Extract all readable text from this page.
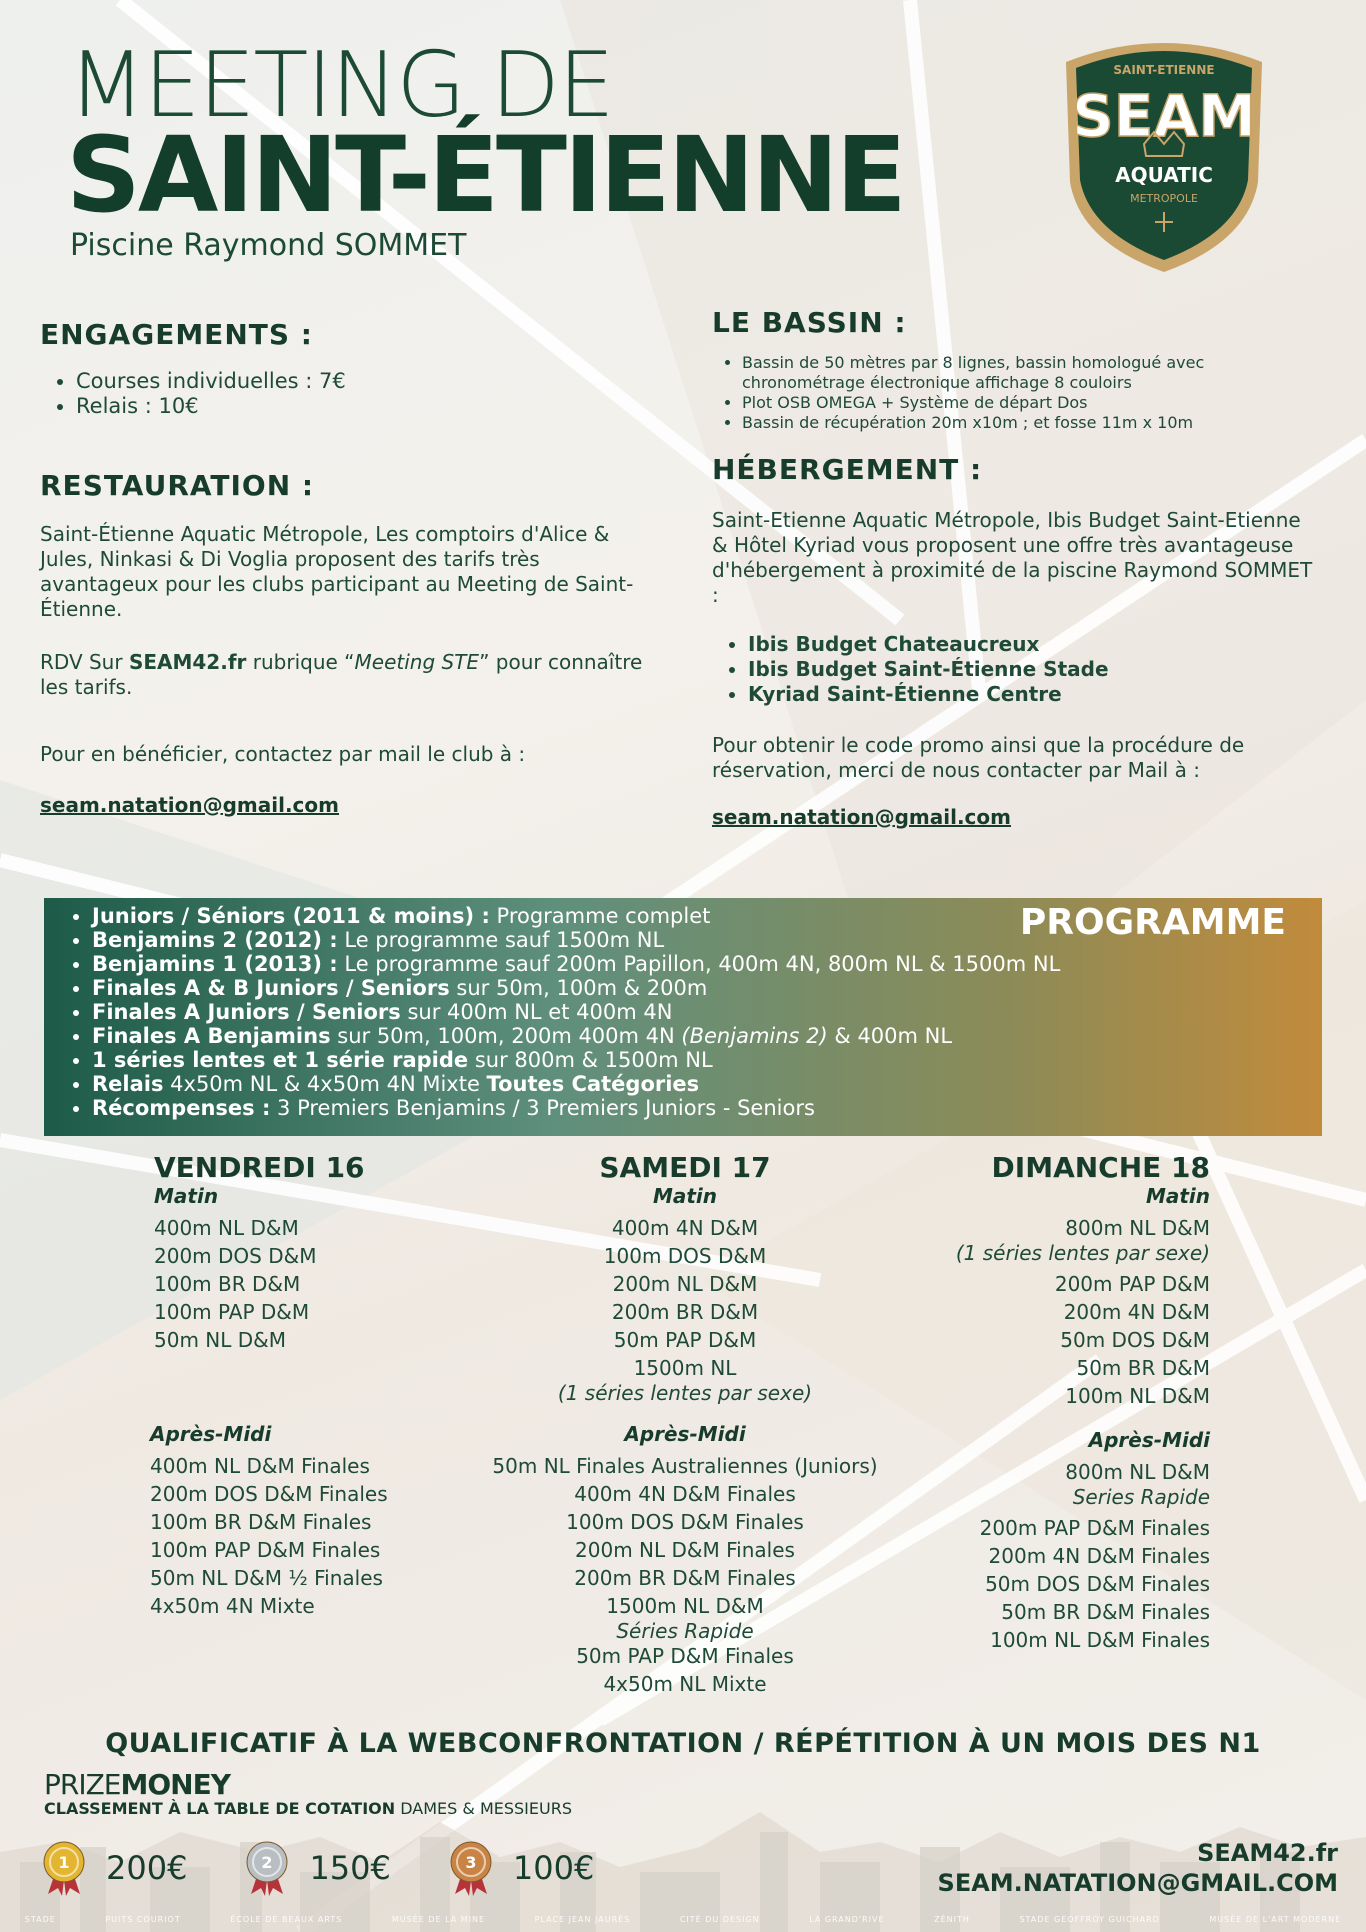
STADE	PUITS COURIOT	ÉCOLE DE BEAUX ARTS	MUSÉE DE LA MINE	PLACE JEAN JAURÈS	CITÉ DU DESIGN	LA GRAND'RIVE	ZÉNITH	STADE GEOFFROY GUICHARD	MUSÉE DE L'ART MODERNE
MEETING DE
SAINT-ÉTIENNE
Piscine Raymond SOMMET
SAINT-ETIENNE
SEAM
AQUATIC
METROPOLE
ENGAGEMENTS :
• Courses individuelles : 7€
• Relais : 10€
RESTAURATION :

Saint-Étienne Aquatic Métropole, Les comptoirs d'Alice & Jules, Ninkasi & Di Voglia proposent des tarifs très avantageux pour les clubs participant au Meeting de Saint-Étienne.

RDV Sur SEAM42.fr rubrique “Meeting STE” pour connaître les tarifs.

Pour en bénéficier, contactez par mail le club à :

seam.natation@gmail.com

LE BASSIN :
• Bassin de 50 mètres par 8 lignes, bassin homologué avec chronométrage électronique affichage 8 couloirs
• Plot OSB OMEGA + Système de départ Dos
• Bassin de récupération 20m x10m ; et fosse 11m x 10m
HÉBERGEMENT :

Saint-Etienne Aquatic Métropole, Ibis Budget Saint-Etienne & Hôtel Kyriad vous proposent une offre très avantageuse d'hébergement à proximité de la piscine Raymond SOMMET :

• Ibis Budget Chateaucreux
• Ibis Budget Saint-Étienne Stade
• Kyriad Saint-Étienne Centre

Pour obtenir le code promo ainsi que la procédure de réservation, merci de nous contacter par Mail à :

seam.natation@gmail.com

PROGRAMME
• Juniors / Séniors (2011 & moins) : Programme complet
• Benjamins 2 (2012) : Le programme sauf 1500m NL
• Benjamins 1 (2013) : Le programme sauf 200m Papillon, 400m 4N, 800m NL & 1500m NL
• Finales A & B Juniors / Seniors sur 50m, 100m & 200m
• Finales A Juniors / Seniors sur 400m NL et 400m 4N
• Finales A Benjamins sur 50m, 100m, 200m 400m 4N (Benjamins 2) & 400m NL
• 1 séries lentes et 1 série rapide sur 800m & 1500m NL
• Relais 4x50m NL & 4x50m 4N Mixte Toutes Catégories
• Récompenses : 3 Premiers Benjamins / 3 Premiers Juniors - Seniors
VENDREDI 16
Matin
400m NL D&M
200m DOS D&M
100m BR D&M
100m PAP D&M
50m NL D&M
Après-Midi
400m NL D&M Finales
200m DOS D&M Finales
100m BR D&M Finales
100m PAP D&M Finales
50m NL D&M ½ Finales
4x50m 4N Mixte
SAMEDI 17
Matin
400m 4N D&M
100m DOS D&M
200m NL D&M
200m BR D&M
50m PAP D&M
1500m NL
(1 séries lentes par sexe)
Après-Midi
50m NL Finales Australiennes (Juniors)
400m 4N D&M Finales
100m DOS D&M Finales
200m NL D&M Finales
200m BR D&M Finales
1500m NL D&M
Séries Rapide
50m PAP D&M Finales
4x50m NL Mixte
DIMANCHE 18
Matin
800m NL D&M
(1 séries lentes par sexe)
200m PAP D&M
200m 4N D&M
50m DOS D&M
50m BR D&M
100m NL D&M
Après-Midi
800m NL D&M
Series Rapide
200m PAP D&M Finales
200m 4N D&M Finales
50m DOS D&M Finales
50m BR D&M Finales
100m NL D&M Finales
QUALIFICATIF À LA WEBCONFRONTATION / RÉPÉTITION À UN MOIS DES N1
PRIZEMONEY
CLASSEMENT À LA TABLE DE COTATION DAMES & MESSIEURS
1 200€	2 150€	3 100€	SEAM42.fr
SEAM.NATATION@GMAIL.COM
